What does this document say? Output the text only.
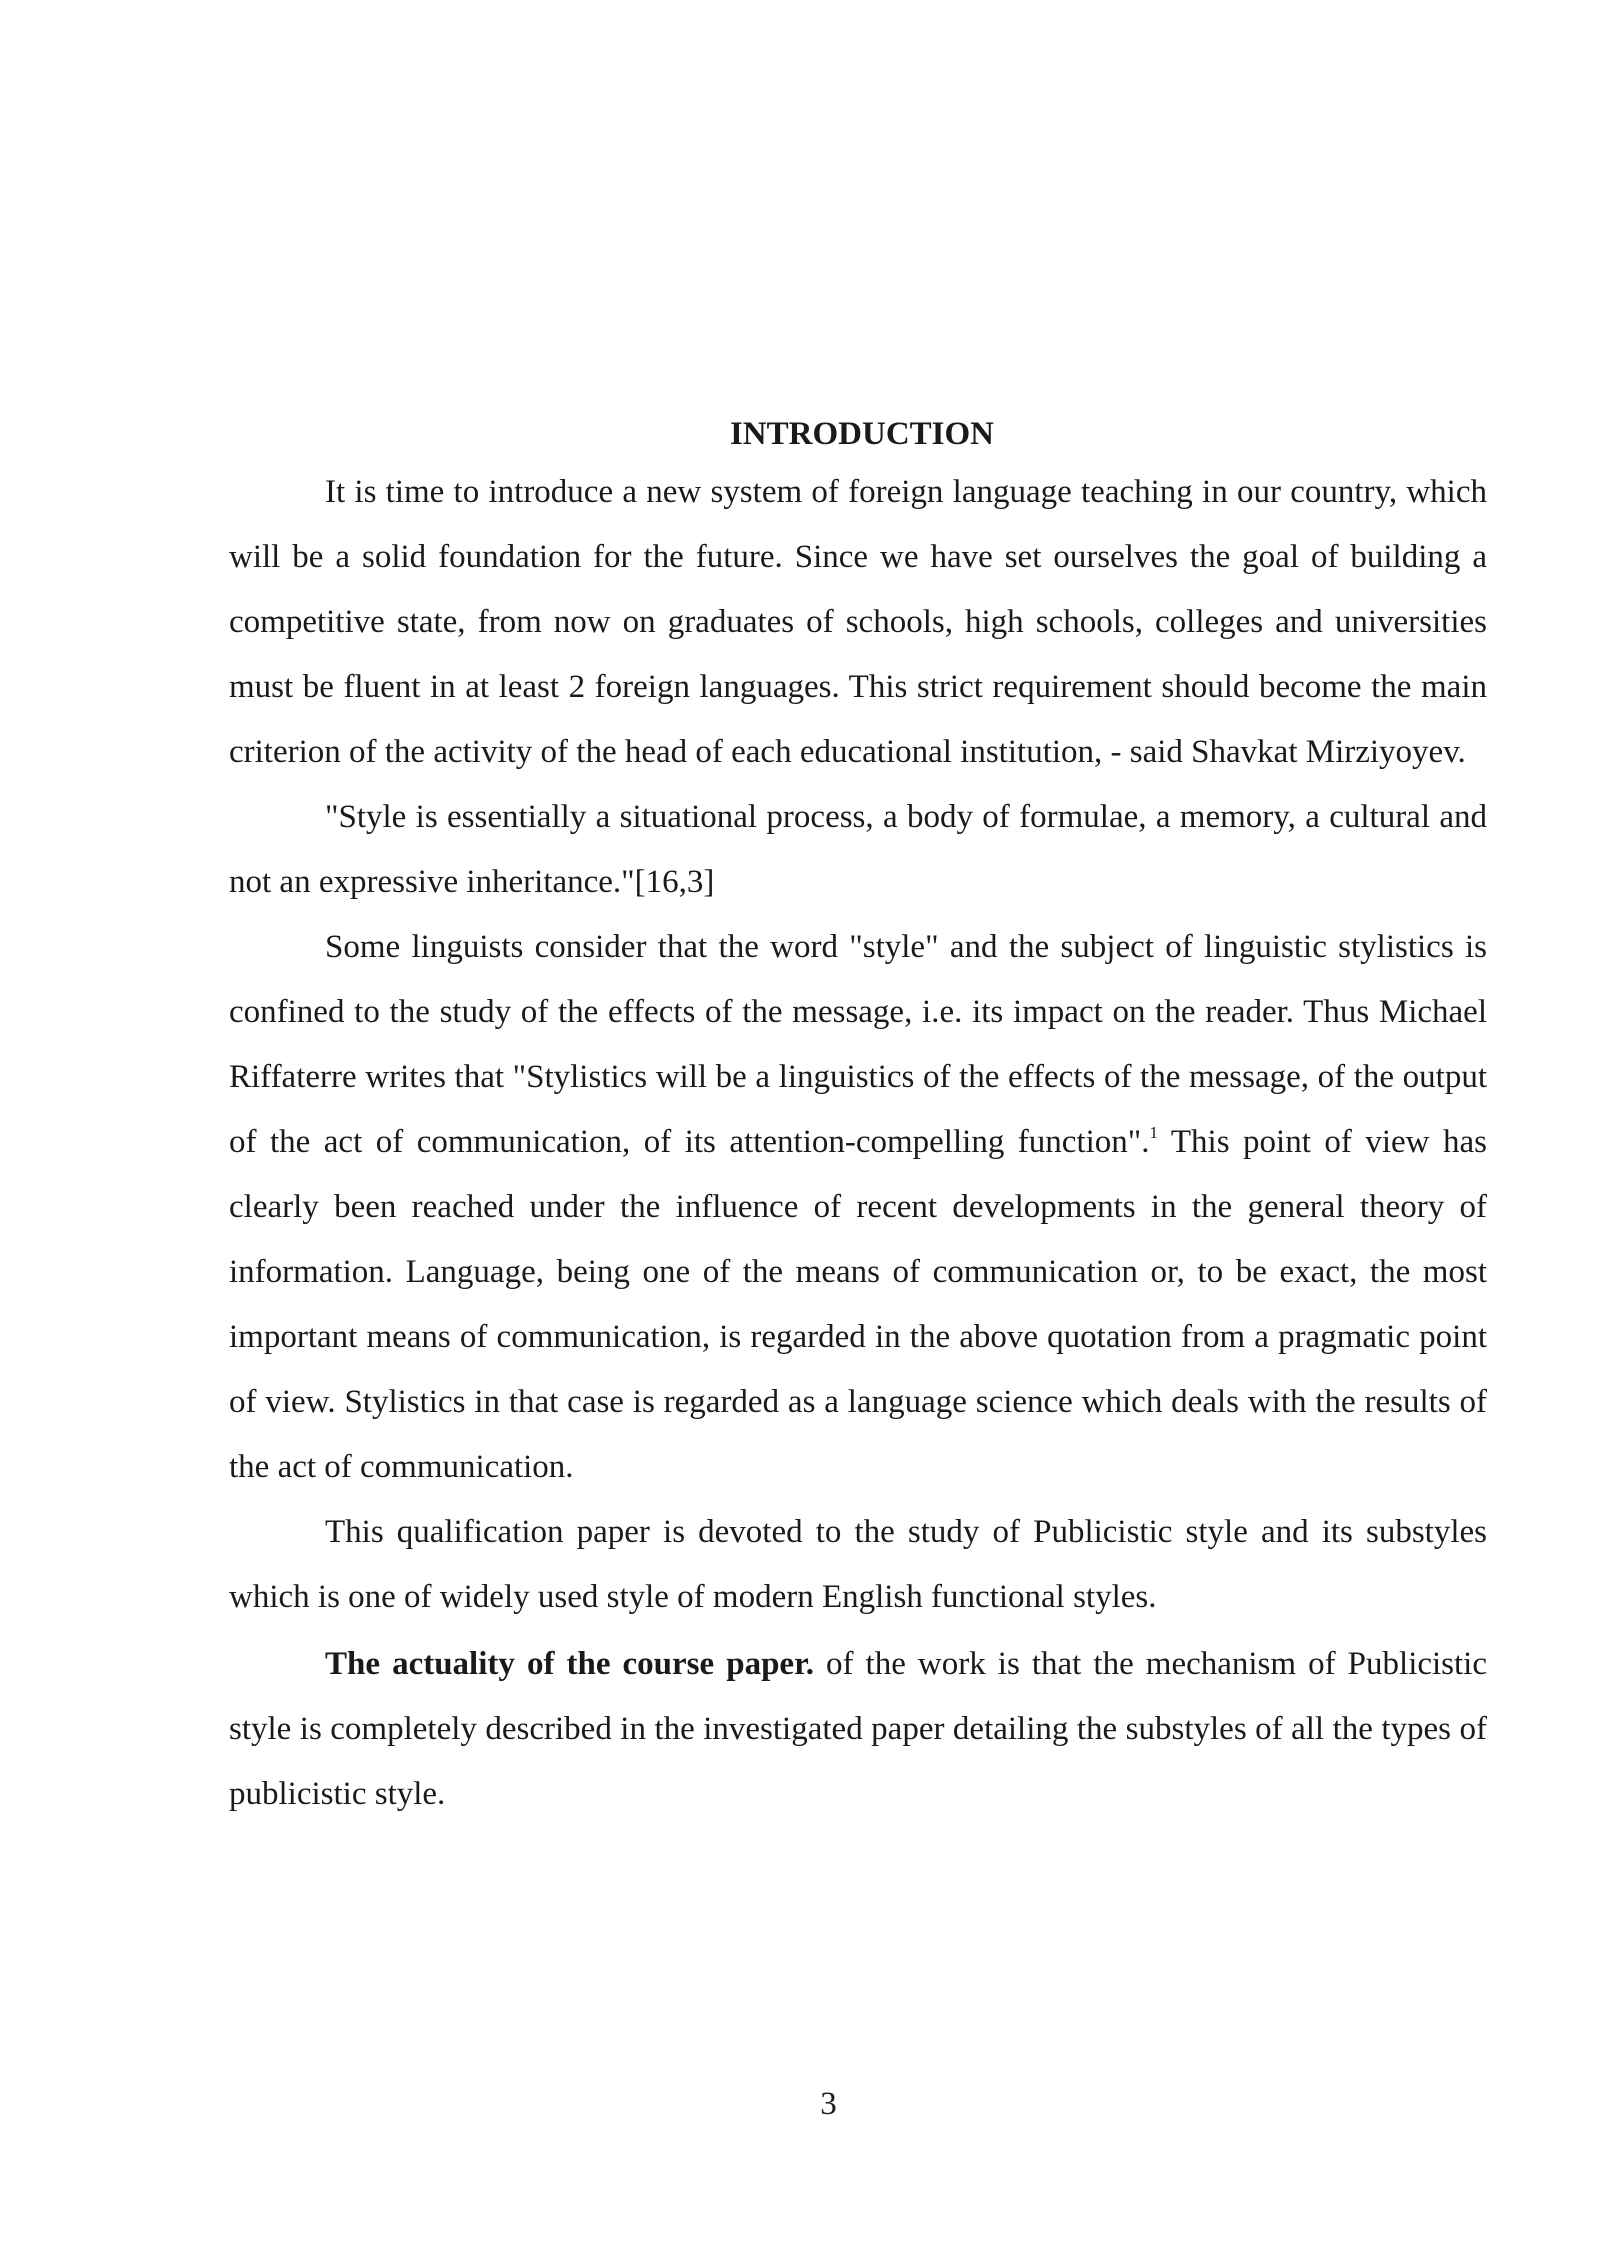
INTRODUCTION

It is time to introduce a new system of foreign language teaching in our country, which will be a solid foundation for the future. Since we have set ourselves the goal of building a competitive state, from now on graduates of schools, high schools, colleges and universities must be fluent in at least 2 foreign languages. This strict requirement should become the main criterion of the activity of the head of each educational institution, - said Shavkat Mirziyoyev.

"Style is essentially a situational process, a body of formulae, a memory, a cultural and not an expressive inheritance."[16,3]

Some linguists consider that the word "style" and the subject of linguistic stylistics is confined to the study of the effects of the message, i.e. its impact on the reader. Thus Michael Riffaterre writes that "Stylistics will be a linguistics of the effects of the message, of the output of the act of communication, of its attention-compelling function".$^1$ This point of view has clearly been reached under the influence of recent developments in the general theory of information. Language, being one of the means of communication or, to be exact, the most important means of communication, is regarded in the above quotation from a pragmatic point of view. Stylistics in that case is regarded as a language science which deals with the results of the act of communication.

This qualification paper is devoted to the study of Publicistic style and its substyles which is one of widely used style of modern English functional styles.

The actuality of the course paper. of the work is that the mechanism of Publicistic style is completely described in the investigated paper detailing the substyles of all the types of publicistic style.

3
